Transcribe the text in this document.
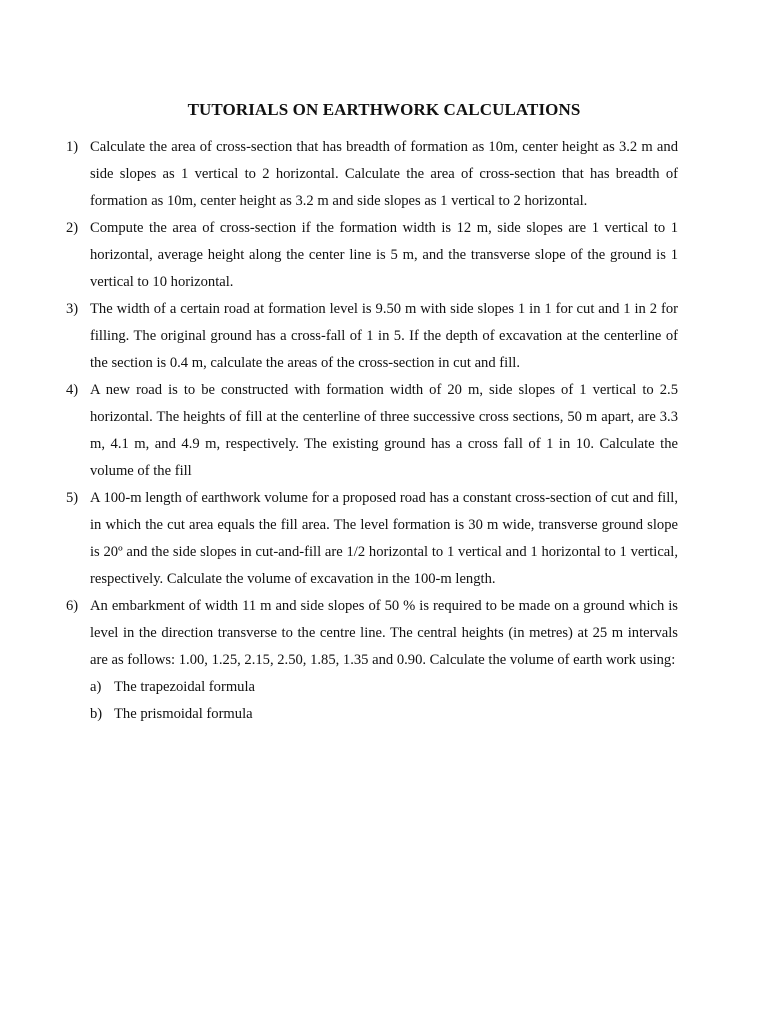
TUTORIALS ON EARTHWORK CALCULATIONS
1) Calculate the area of cross-section that has breadth of formation as 10m, center height as 3.2 m and side slopes as 1 vertical to 2 horizontal. Calculate the area of cross-section that has breadth of formation as 10m, center height as 3.2 m and side slopes as 1 vertical to 2 horizontal.
2) Compute the area of cross-section if the formation width is 12 m, side slopes are 1 vertical to 1 horizontal, average height along the center line is 5 m, and the transverse slope of the ground is 1 vertical to 10 horizontal.
3) The width of a certain road at formation level is 9.50 m with side slopes 1 in 1 for cut and 1 in 2 for filling. The original ground has a cross-fall of 1 in 5. If the depth of excavation at the centerline of the section is 0.4 m, calculate the areas of the cross-section in cut and fill.
4) A new road is to be constructed with formation width of 20 m, side slopes of 1 vertical to 2.5 horizontal. The heights of fill at the centerline of three successive cross sections, 50 m apart, are 3.3 m, 4.1 m, and 4.9 m, respectively. The existing ground has a cross fall of 1 in 10. Calculate the volume of the fill
5) A 100-m length of earthwork volume for a proposed road has a constant cross-section of cut and fill, in which the cut area equals the fill area. The level formation is 30 m wide, transverse ground slope is 20º and the side slopes in cut-and-fill are 1/2 horizontal to 1 vertical and 1 horizontal to 1 vertical, respectively. Calculate the volume of excavation in the 100-m length.
6) An embarkment of width 11 m and side slopes of 50 % is required to be made on a ground which is level in the direction transverse to the centre line. The central heights (in metres) at 25 m intervals are as follows: 1.00, 1.25, 2.15, 2.50, 1.85, 1.35 and 0.90. Calculate the volume of earth work using:
a) The trapezoidal formula
b) The prismoidal formula
